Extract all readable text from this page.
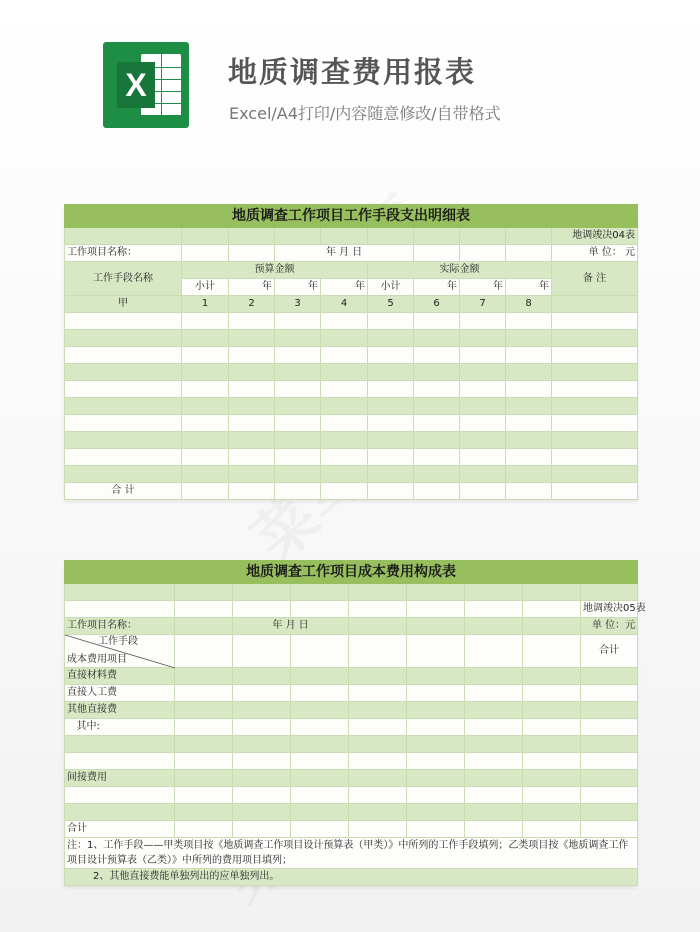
X	地质调查费用报表
Excel/A4打印/内容随意修改/自带格式
地质调查工作项目工作手段支出明细表									
									地调竣决04表
工作项目名称：			年 月 日						单 位： 元
工作手段名称	预算金额				实际金额				备 注
	小计	年	年	年	小计	年	年	年	
甲	1	2	3	4	5	6	7	8	

合 计									
地质调查工作项目成本费用构成表								

								地调竣决05表
工作项目名称：		年 月 日						单 位：元

工作手段
成本费用项目								合计
直接材料费								
直接人工费								
其他直接费								
其中:								

间接费用								

合计								
注：1、工作手段——甲类项目按《地质调查工作项目设计预算表（甲类）》中所列的工作手段填列；乙类项目按《地质调查工作项目设计预算表（乙类）》中所列的费用项目填列；								
2、其他直接费能单独列出的应单独列出。								
